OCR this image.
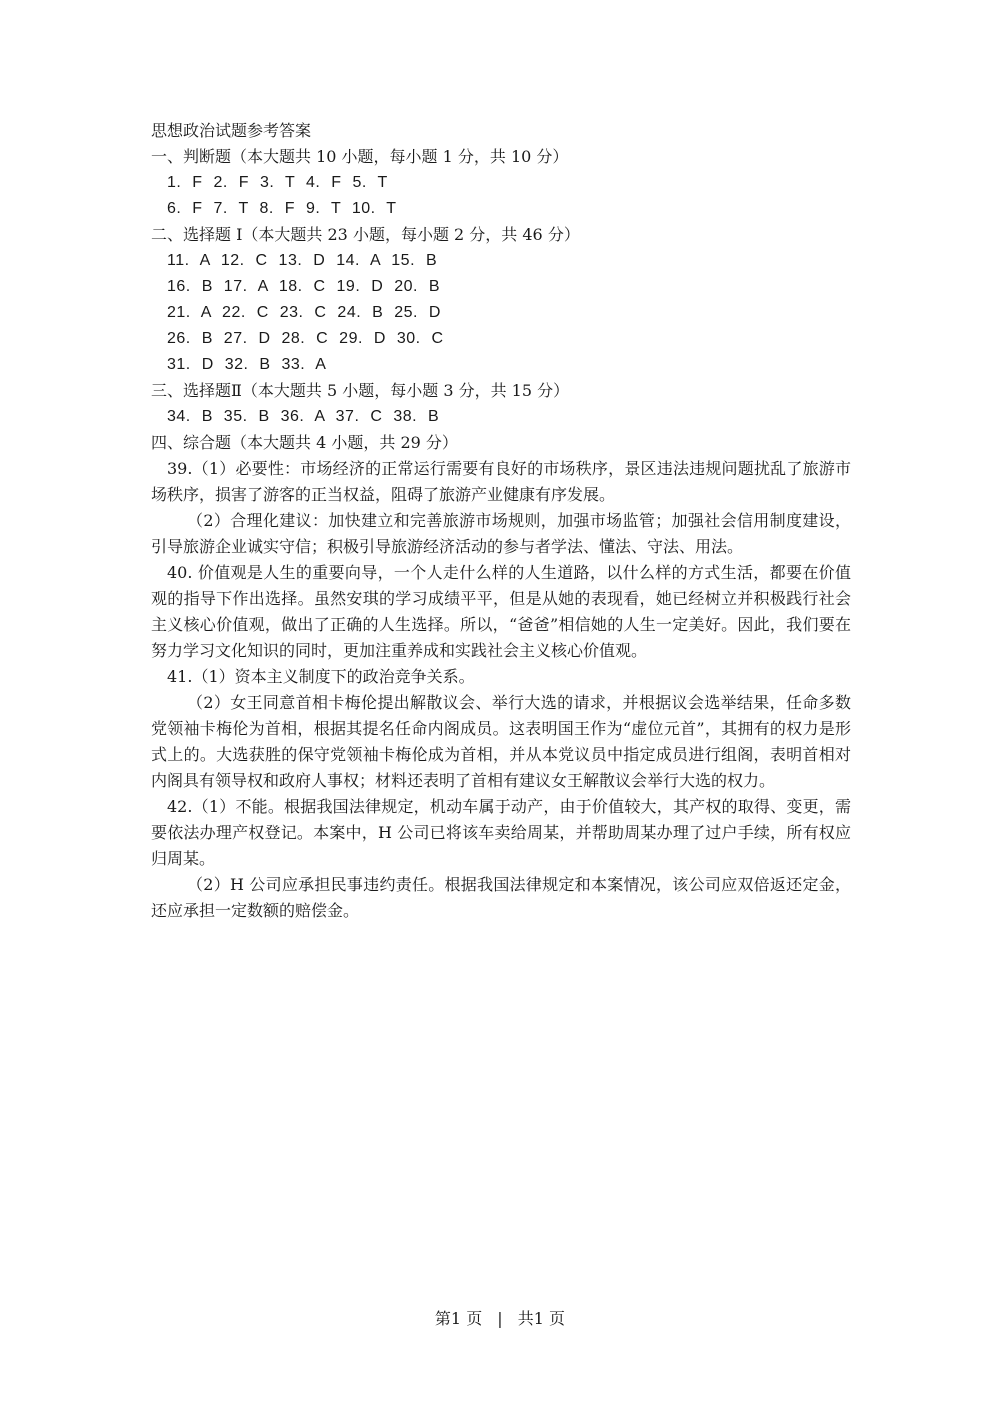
思想政治试题参考答案
一、判断题（本大题共 10 小题，每小题 1 分，共 10 分）
1. F 2. F 3. T 4. F 5. T
6. F 7. T 8. F 9. T 10. T
二、选择题 I（本大题共 23 小题，每小题 2 分，共 46 分）
11. A 12. C 13. D 14. A 15. B
16. B 17. A 18. C 19. D 20. B
21. A 22. C 23. C 24. B 25. D
26. B 27. D 28. C 29. D 30. C
31. D 32. B 33. A
三、选择题Ⅱ（本大题共 5 小题，每小题 3 分，共 15 分）
34. B 35. B 36. A 37. C 38. B
四、综合题（本大题共 4 小题，共 29 分）
39.（1）必要性：市场经济的正常运行需要有良好的市场秩序，景区违法违规问题扰乱了旅游市场秩序，损害了游客的正当权益，阻碍了旅游产业健康有序发展。
（2）合理化建议：加快建立和完善旅游市场规则，加强市场监管；加强社会信用制度建设，引导旅游企业诚实守信；积极引导旅游经济活动的参与者学法、懂法、守法、用法。
40. 价值观是人生的重要向导，一个人走什么样的人生道路，以什么样的方式生活，都要在价值观的指导下作出选择。虽然安琪的学习成绩平平，但是从她的表现看，她已经树立并积极践行社会主义核心价值观，做出了正确的人生选择。所以，“爸爸”相信她的人生一定美好。因此，我们要在努力学习文化知识的同时，更加注重养成和实践社会主义核心价值观。
41.（1）资本主义制度下的政治竞争关系。
（2）女王同意首相卡梅伦提出解散议会、举行大选的请求，并根据议会选举结果，任命多数党领袖卡梅伦为首相，根据其提名任命内阁成员。这表明国王作为“虚位元首”，其拥有的权力是形式上的。大选获胜的保守党领袖卡梅伦成为首相，并从本党议员中指定成员进行组阁，表明首相对内阁具有领导权和政府人事权；材料还表明了首相有建议女王解散议会举行大选的权力。
42.（1）不能。根据我国法律规定，机动车属于动产，由于价值较大，其产权的取得、变更，需要依法办理产权登记。本案中，H 公司已将该车卖给周某，并帮助周某办理了过户手续，所有权应归周某。
（2）H 公司应承担民事违约责任。根据我国法律规定和本案情况，该公司应双倍返还定金，还应承担一定数额的赔偿金。
第1 页 | 共1 页
